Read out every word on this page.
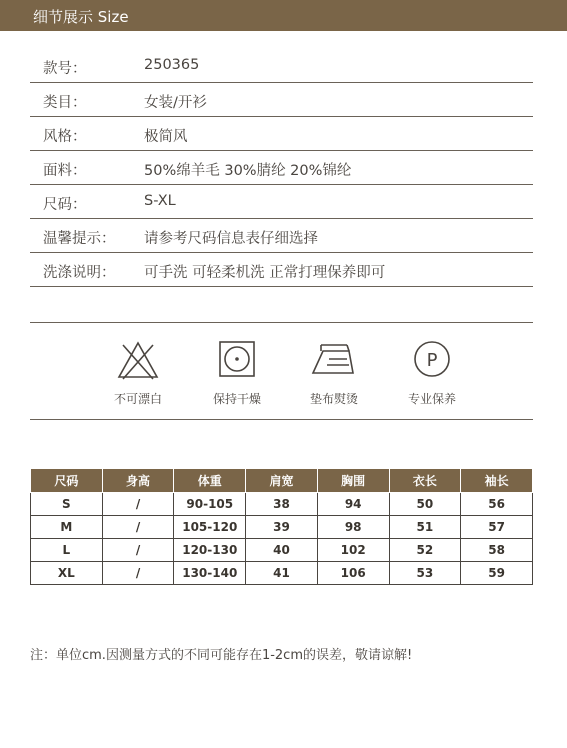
细节展示 Size
款号：	250365
类目：	女装/开衫
风格：	极简风
面料：	50%绵羊毛 30%腈纶 20%锦纶
尺码：	S-XL
温馨提示： 请参考尺码信息表仔细选择
洗涤说明： 可手洗 可轻柔机洗 正常打理保养即可
不可漂白	保持干燥	垫布熨烫
P
专业保养
尺码	身高	体重	肩宽	胸围	衣长	袖长
S	/	90-105	38	94	50	56
M	/	105-120	39	98	51	57
L	/	120-130	40	102	52	58
XL	/	130-140	41	106	53	59
注：单位cm.因测量方式的不同可能存在1-2cm的误差，敬请谅解!
